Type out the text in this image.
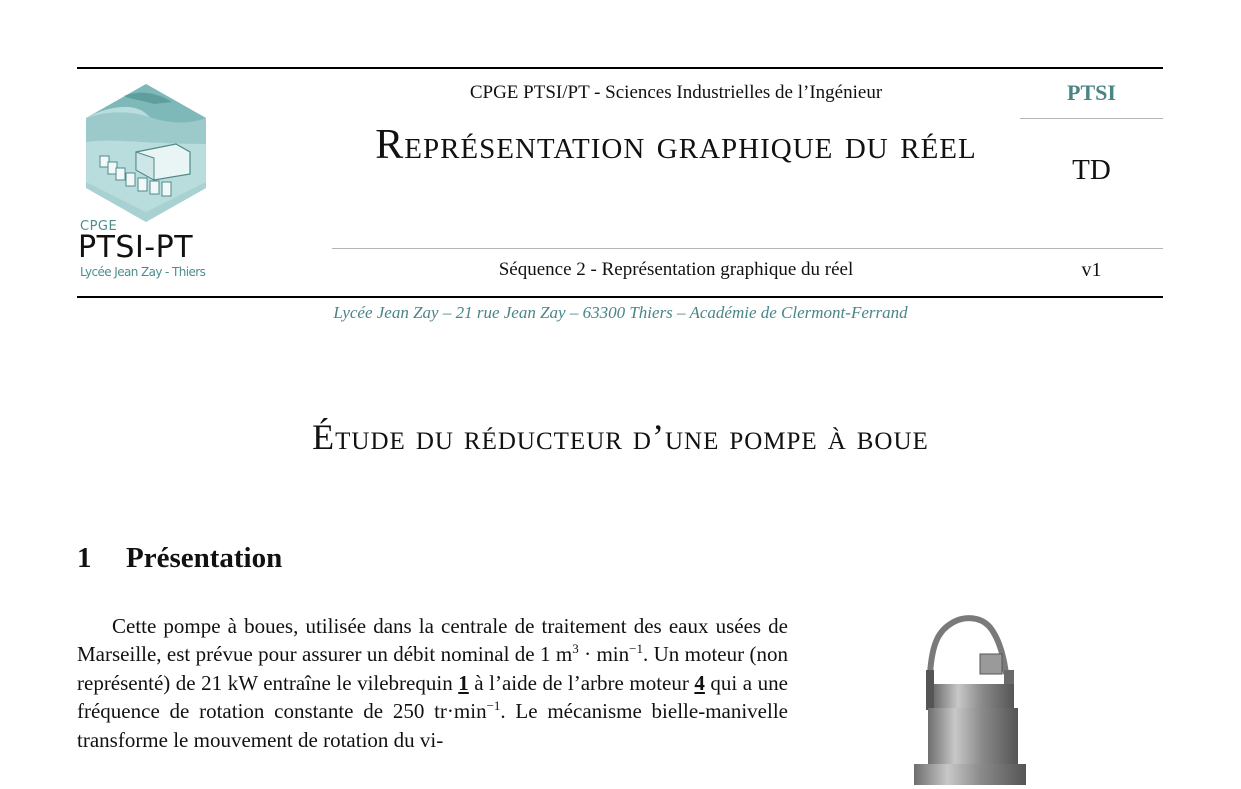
CPGE
PTSI-PT
Lycée Jean Zay - Thiers
CPGE PTSI/PT - Sciences Industrielles de l’Ingénieur
Représentation graphique du réel
Séquence 2 - Représentation graphique du réel
PTSI
TD
v1
Lycée Jean Zay – 21 rue Jean Zay – 63300 Thiers – Académie de Clermont-Ferrand
Étude du réducteur d’une pompe à boue
1 Présentation
Cette pompe à boues, utilisée dans la centrale de traitement des eaux usées de Marseille, est prévue pour assurer un débit nominal de 1 $m^3 \cdot \min^{-1}$. Un moteur (non représenté) de 21 kW entraîne le vilebrequin 1 à l’aide de l’arbre moteur 4 qui a une fréquence de rotation constante de 250 $tr\cdot\min^{-1}$. Le mécanisme bielle-manivelle transforme le mouvement de rotation du vi-
